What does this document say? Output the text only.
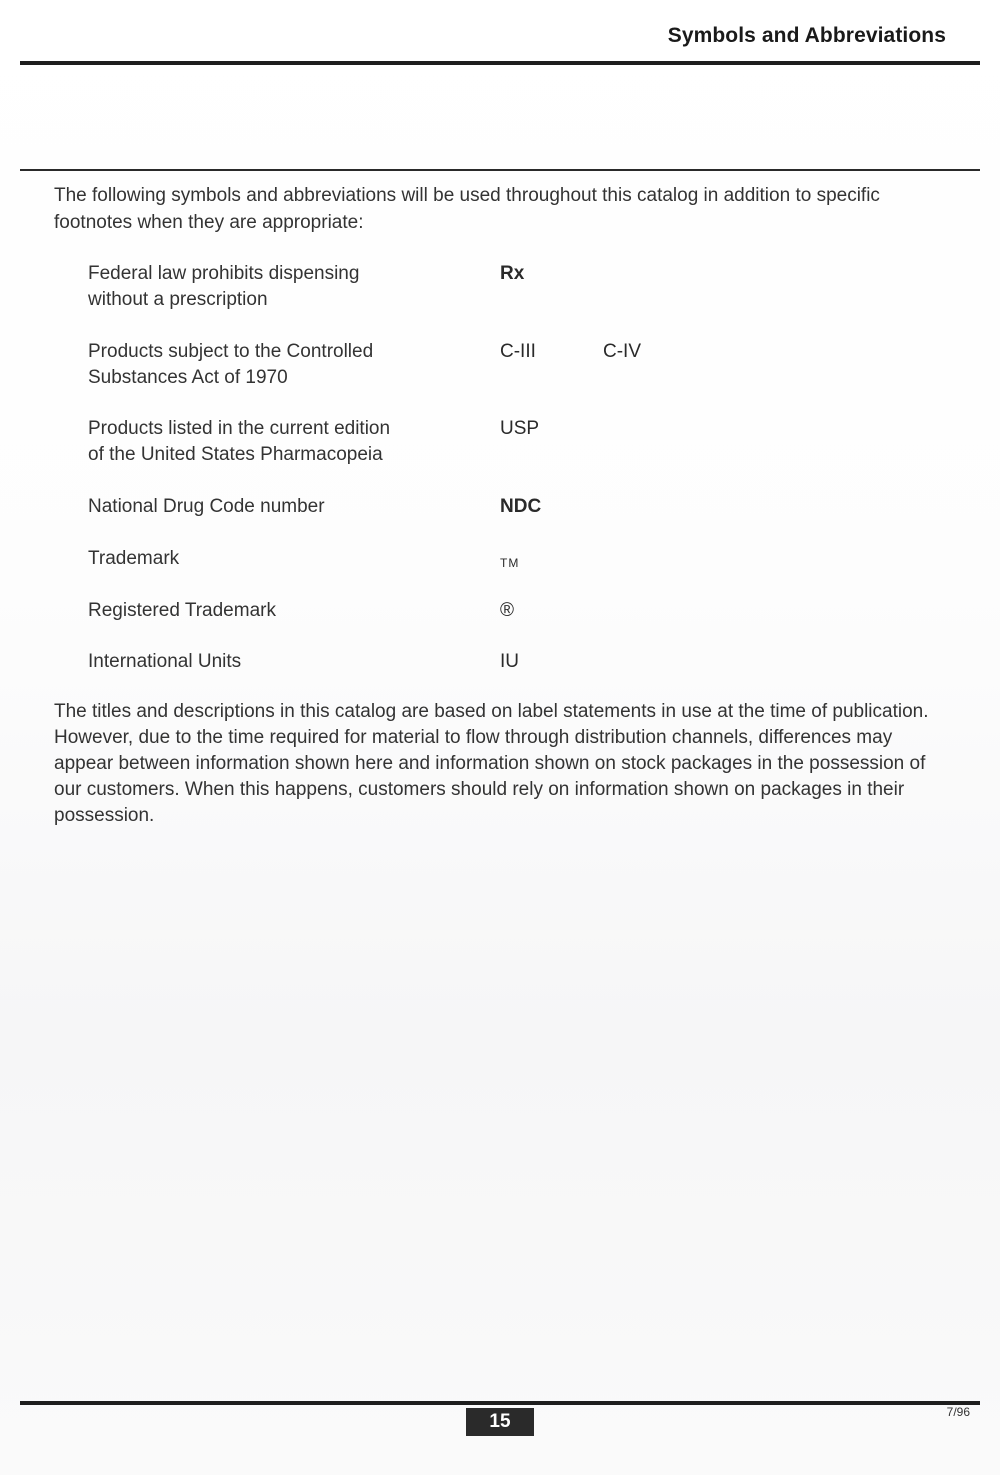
Symbols and Abbreviations
The following symbols and abbreviations will be used throughout this catalog in addition to specific footnotes when they are appropriate:
Federal law prohibits dispensing
without a prescription
Rx
Products subject to the Controlled
Substances Act of 1970
C-III	C-IV
Products listed in the current edition
of the United States Pharmacopeia
USP
National Drug Code number	NDC
Trademark	TM
Registered Trademark	®
International Units	IU
The titles and descriptions in this catalog are based on label statements in use at the time of publication. However, due to the time required for material to flow through distribution channels, differences may appear between information shown here and information shown on stock packages in the possession of our customers. When this happens, customers should rely on information shown on packages in their possession.
15	7/96
